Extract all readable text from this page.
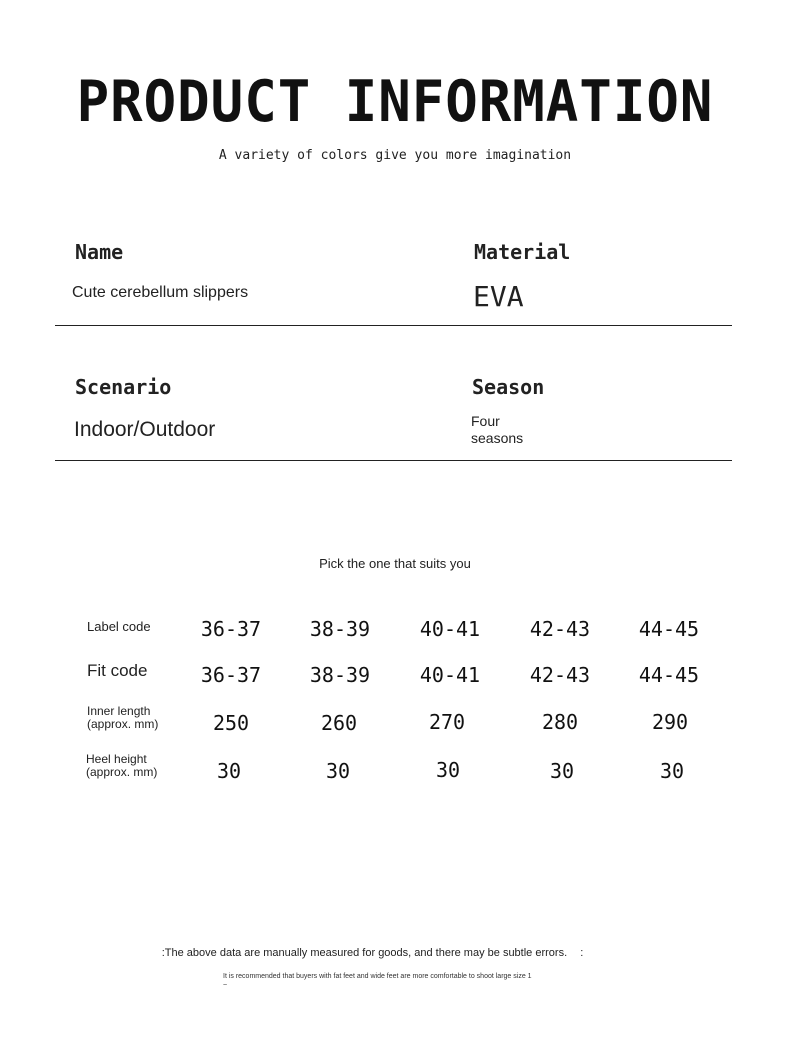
PRODUCT INFORMATION
A variety of colors give you more imagination
Name
Cute cerebellum slippers
Material
EVA
Scenario
Indoor/Outdoor
Season
Four
seasons
Pick the one that suits you
Label code	36-37	38-39	40-41	42-43	44-45
Fit code	36-37	38-39	40-41	42-43	44-45
Inner length
(approx. mm)	250	260	270	280	290
Heel height
(approx. mm)	30	30	30	30	30
:The above data are manually measured for goods, and there may be subtle errors. :
It is recommended that buyers with fat feet and wide feet are more comfortable to shoot large size 1 ~
